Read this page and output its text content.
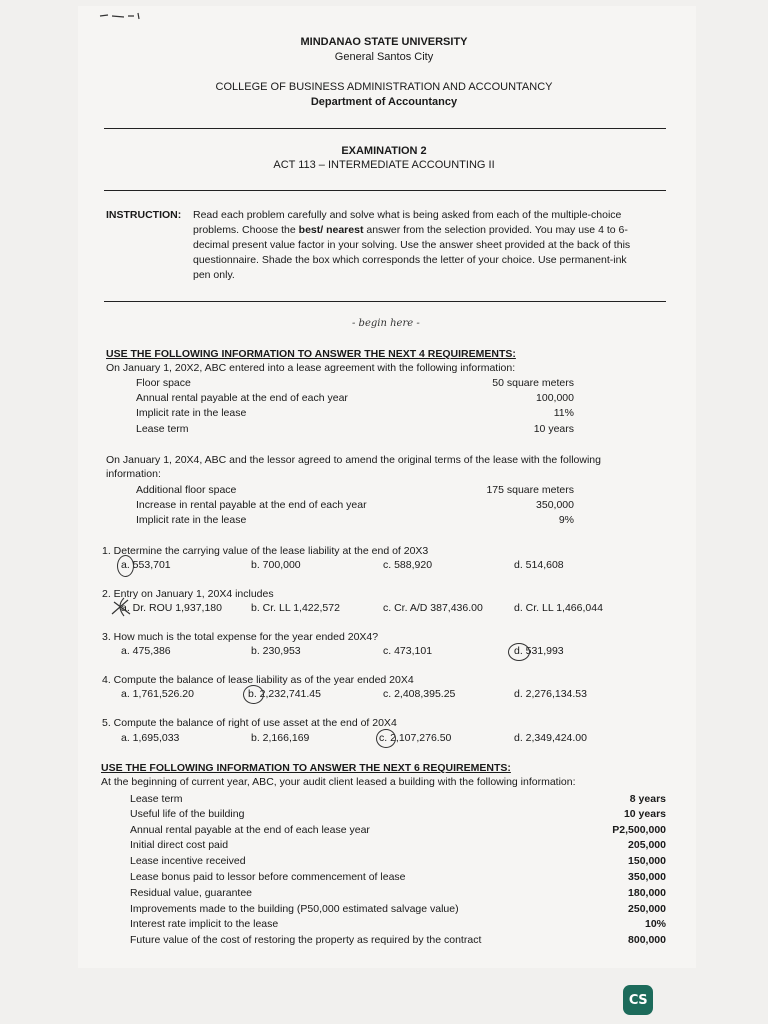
MINDANAO STATE UNIVERSITY
General Santos City
COLLEGE OF BUSINESS ADMINISTRATION AND ACCOUNTANCY
Department of Accountancy
EXAMINATION 2
ACT 113 – INTERMEDIATE ACCOUNTING II
INSTRUCTION: Read each problem carefully and solve what is being asked from each of the multiple-choice
problems. Choose the best/ nearest answer from the selection provided. You may use 4 to 6-
decimal present value factor in your solving. Use the answer sheet provided at the back of this
questionnaire. Shade the box which corresponds the letter of your choice. Use permanent-ink
pen only.
- begin here -
USE THE FOLLOWING INFORMATION TO ANSWER THE NEXT 4 REQUIREMENTS:
On January 1, 20X2, ABC entered into a lease agreement with the following information:
Floor space	50 square meters
Annual rental payable at the end of each year	100,000
Implicit rate in the lease	11%
Lease term	10 years
On January 1, 20X4, ABC and the lessor agreed to amend the original terms of the lease with the following
information:
Additional floor space	175 square meters
Increase in rental payable at the end of each year	350,000
Implicit rate in the lease	9%
1. Determine the carrying value of the lease liability at the end of 20X3
a. 553,701	b. 700,000	c. 588,920	d. 514,608
2. Entry on January 1, 20X4 includes
a. Dr. ROU 1,937,180	b. Cr. LL 1,422,572	c. Cr. A/D 387,436.00	d. Cr. LL 1,466,044
3. How much is the total expense for the year ended 20X4?
a. 475,386	b. 230,953	c. 473,101	d. 531,993
4. Compute the balance of lease liability as of the year ended 20X4
a. 1,761,526.20	b. 2,232,741.45	c. 2,408,395.25	d. 2,276,134.53
5. Compute the balance of right of use asset at the end of 20X4
a. 1,695,033	b. 2,166,169	c. 2,107,276.50	d. 2,349,424.00
USE THE FOLLOWING INFORMATION TO ANSWER THE NEXT 6 REQUIREMENTS:
At the beginning of current year, ABC, your audit client leased a building with the following information:
Lease term	8 years
Useful life of the building	10 years
Annual rental payable at the end of each lease year	P2,500,000
Initial direct cost paid	205,000
Lease incentive received	150,000
Lease bonus paid to lessor before commencement of lease	350,000
Residual value, guarantee	180,000
Improvements made to the building (P50,000 estimated salvage value)	250,000
Interest rate implicit to the lease	10%
Future value of the cost of restoring the property as required by the contract	800,000
CS
